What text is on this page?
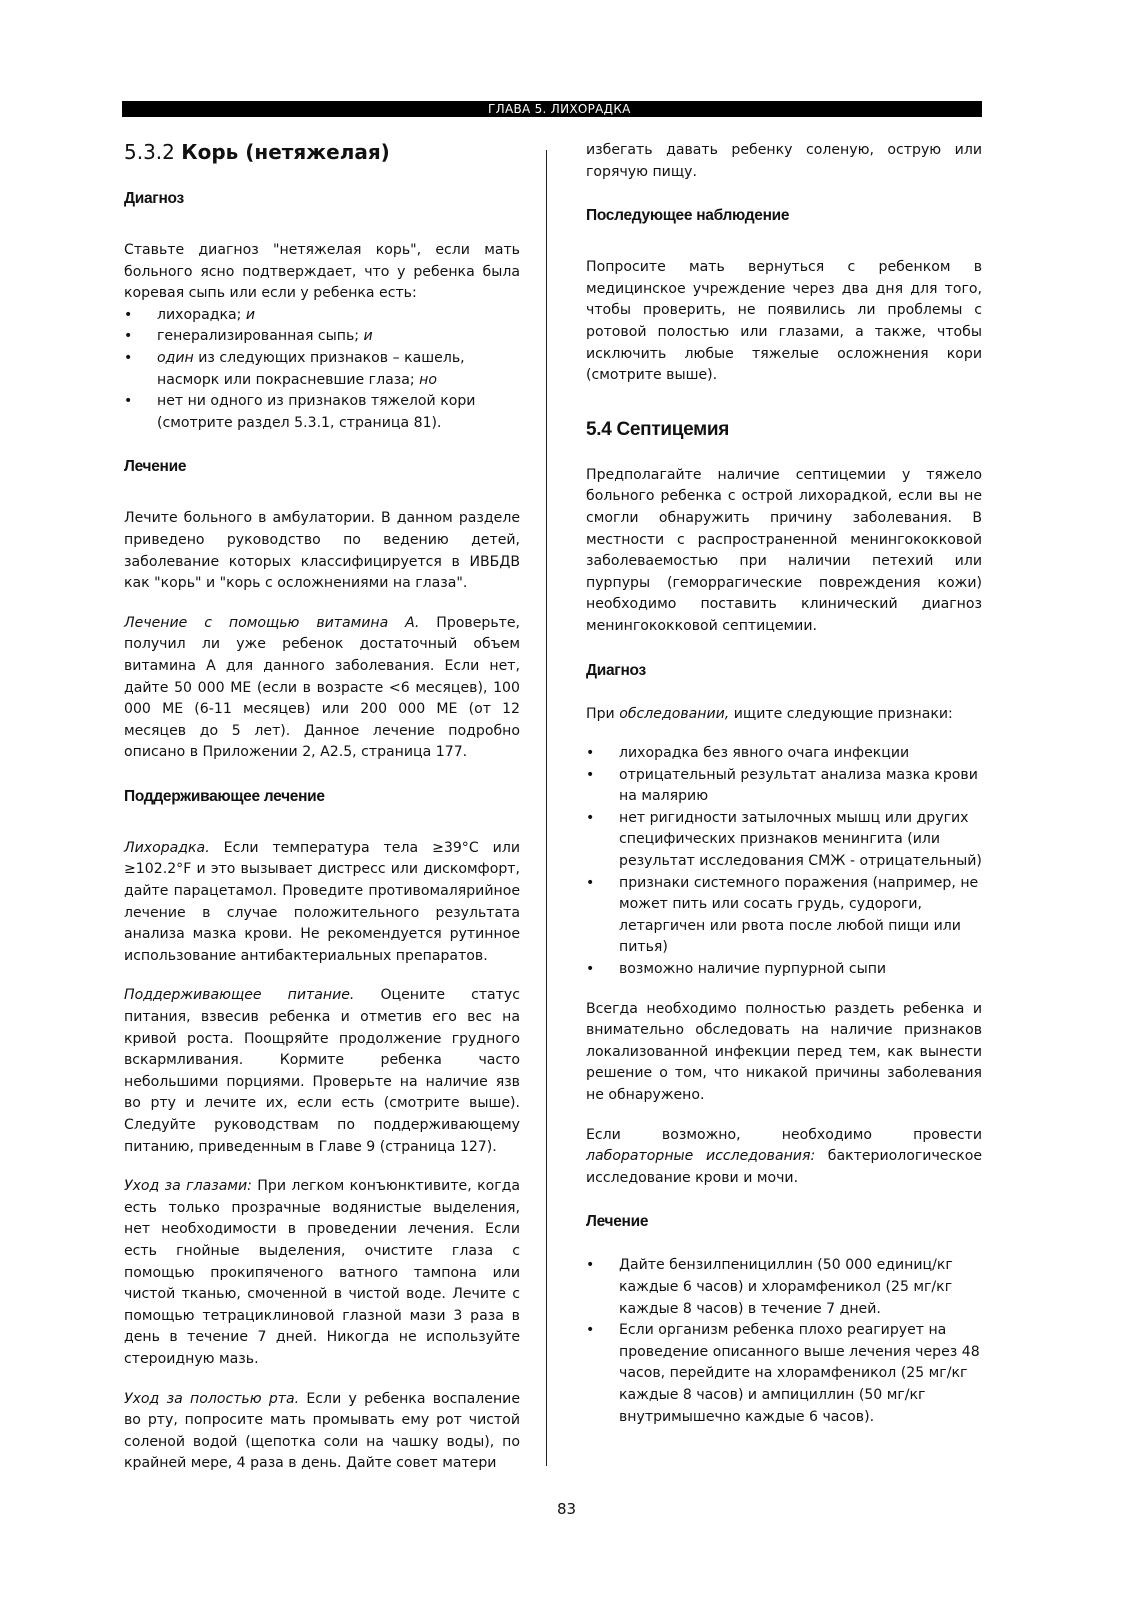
ГЛАВА 5. ЛИХОРАДКА
5.3.2 Корь (нетяжелая)
Диагноз

Ставьте диагноз "нетяжелая корь", если мать больного ясно подтверждает, что у ребенка была коревая сыпь или если у ребенка есть:

• лихорадка; и
• генерализированная сыпь; и
• один из следующих признаков – кашель, насморк или покрасневшие глаза; но
• нет ни одного из признаков тяжелой кори (смотрите раздел 5.3.1, страница 81).
Лечение

Лечите больного в амбулатории. В данном разделе приведено руководство по ведению детей, заболевание которых классифицируется в ИВБДВ как "корь" и "корь с осложнениями на глаза".

Лечение с помощью витамина А. Проверьте, получил ли уже ребенок достаточный объем витамина А для данного заболевания. Если нет, дайте 50 000 МЕ (если в возрасте <6 месяцев), 100 000 МЕ (6-11 месяцев) или 200 000 МЕ (от 12 месяцев до 5 лет). Данное лечение подробно описано в Приложении 2, А2.5, страница 177.

Поддерживающее лечение

Лихорадка. Если температура тела ≥39°C или ≥102.2°F и это вызывает дистресс или дискомфорт, дайте парацетамол. Проведите противомалярийное лечение в случае положительного результата анализа мазка крови. Не рекомендуется рутинное использование антибактериальных препаратов.

Поддерживающее питание. Оцените статус питания, взвесив ребенка и отметив его вес на кривой роста. Поощряйте продолжение грудного вскармливания. Кормите ребенка часто небольшими порциями. Проверьте на наличие язв во рту и лечите их, если есть (смотрите выше). Следуйте руководствам по поддерживающему питанию, приведенным в Главе 9 (страница 127).

Уход за глазами: При легком конъюнктивите, когда есть только прозрачные водянистые выделения, нет необходимости в проведении лечения. Если есть гнойные выделения, очистите глаза с помощью прокипяченого ватного тампона или чистой тканью, смоченной в чистой воде. Лечите с помощью тетрациклиновой глазной мази 3 раза в день в течение 7 дней. Никогда не используйте стероидную мазь.

Уход за полостью рта. Если у ребенка воспаление во рту, попросите мать промывать ему рот чистой соленой водой (щепотка соли на чашку воды), по крайней мере, 4 раза в день. Дайте совет матери

избегать давать ребенку соленую, острую или горячую пищу.

Последующее наблюдение

Попросите мать вернуться с ребенком в медицинское учреждение через два дня для того, чтобы проверить, не появились ли проблемы с ротовой полостью или глазами, а также, чтобы исключить любые тяжелые осложнения кори (смотрите выше).

5.4 Септицемия

Предполагайте наличие септицемии у тяжело больного ребенка с острой лихорадкой, если вы не смогли обнаружить причину заболевания. В местности с распространенной менингококковой заболеваемостью при наличии петехий или пурпуры (геморрагические повреждения кожи) необходимо поставить клинический диагноз менингококковой септицемии.

Диагноз

При обследовании, ищите следующие признаки:

• лихорадка без явного очага инфекции
• отрицательный результат анализа мазка крови на малярию
• нет ригидности затылочных мышц или других специфических признаков менингита (или результат исследования СМЖ - отрицательный)
• признаки системного поражения (например, не может пить или сосать грудь, судороги, летаргичен или рвота после любой пищи или питья)
• возможно наличие пурпурной сыпи

Всегда необходимо полностью раздеть ребенка и внимательно обследовать на наличие признаков локализованной инфекции перед тем, как вынести решение о том, что никакой причины заболевания не обнаружено.

Если возможно, необходимо провести лабораторные исследования: бактериологическое исследование крови и мочи.

Лечение
• Дайте бензилпенициллин (50 000 единиц/кг каждые 6 часов) и хлорамфеникол (25 мг/кг каждые 8 часов) в течение 7 дней.
• Если организм ребенка плохо реагирует на проведение описанного выше лечения через 48 часов, перейдите на хлорамфеникол (25 мг/кг каждые 8 часов) и ампициллин (50 мг/кг внутримышечно каждые 6 часов).
83
